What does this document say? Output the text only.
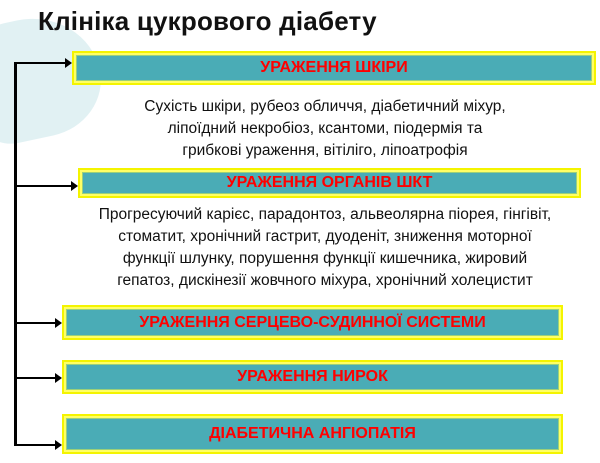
Клініка цукрового діабету
УРАЖЕННЯ ШКІРИ
Сухість шкіри, рубеоз обличчя, діабетичний міхур,
ліпоїдний некробіоз, ксантоми, піодермія та
грибкові ураження, вітіліго, ліпоатрофія
УРАЖЕННЯ ОРГАНІВ ШКТ
Прогресуючий карієс, парадонтоз, альвеолярна піорея, гінгівіт,
стоматит, хронічний гастрит, дуоденіт, зниження моторної
функції шлунку, порушення функції кишечника, жировий
гепатоз, дискінезії жовчного міхура, хронічний холецистит
УРАЖЕННЯ СЕРЦЕВО-СУДИННОЇ СИСТЕМИ
УРАЖЕННЯ НИРОК
ДІАБЕТИЧНА АНГІОПАТІЯ
